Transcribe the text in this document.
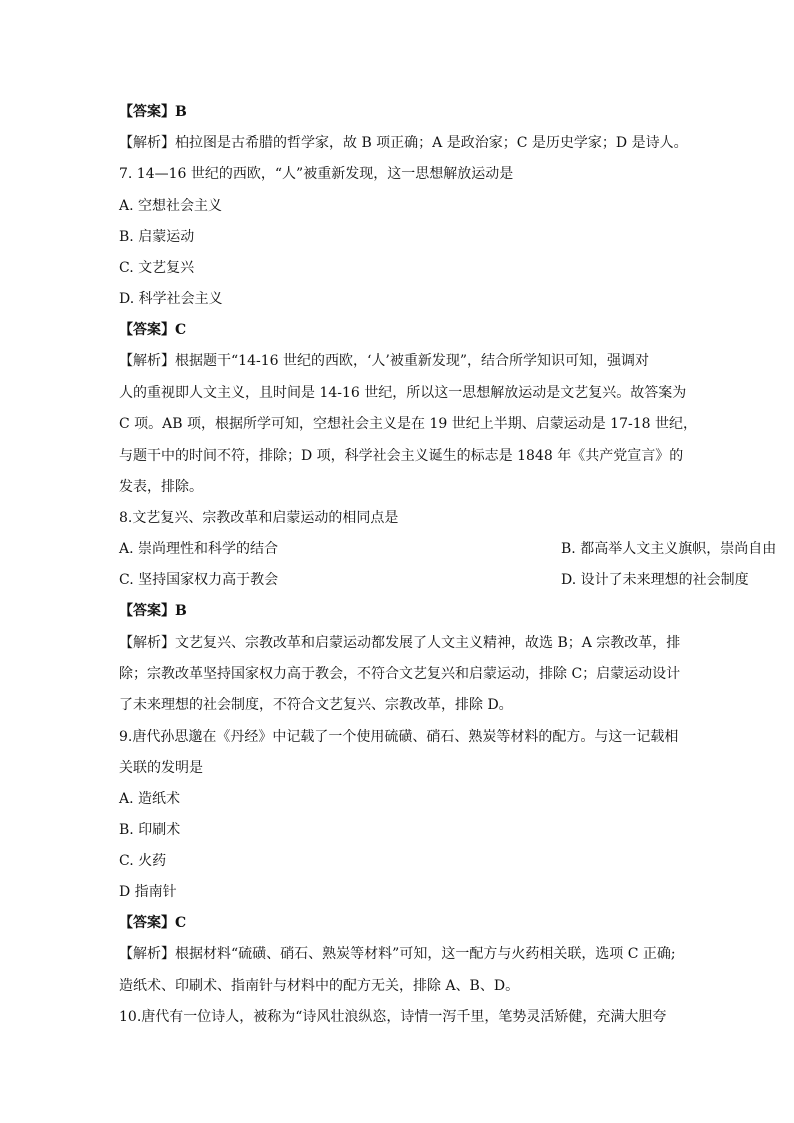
【答案】B
【解析】柏拉图是古希腊的哲学家，故 B 项正确；A 是政治家；C 是历史学家；D 是诗人。
7. 14—16 世纪的西欧，“人”被重新发现，这一思想解放运动是
A. 空想社会主义
B. 启蒙运动
C. 文艺复兴
D. 科学社会主义
【答案】C
【解析】根据题干“14-16 世纪的西欧，‘人’被重新发现”，结合所学知识可知，强调对
人的重视即人文主义，且时间是 14-16 世纪，所以这一思想解放运动是文艺复兴。故答案为
C 项。AB 项，根据所学可知，空想社会主义是在 19 世纪上半期、启蒙运动是 17-18 世纪，
与题干中的时间不符，排除；D 项，科学社会主义诞生的标志是 1848 年《共产党宣言》的
发表，排除。
8.文艺复兴、宗教改革和启蒙运动的相同点是
A. 崇尚理性和科学的结合	B. 都高举人文主义旗帜，崇尚自由
C. 坚持国家权力高于教会	D. 设计了未来理想的社会制度
【答案】B
【解析】文艺复兴、宗教改革和启蒙运动都发展了人文主义精神，故选 B；A 宗教改革，排
除；宗教改革坚持国家权力高于教会，不符合文艺复兴和启蒙运动，排除 C；启蒙运动设计
了未来理想的社会制度，不符合文艺复兴、宗教改革，排除 D。
9.唐代孙思邈在《丹经》中记载了一个使用硫磺、硝石、熟炭等材料的配方。与这一记载相
关联的发明是
A. 造纸术
B. 印刷术
C. 火药
D 指南针
【答案】C
【解析】根据材料“硫磺、硝石、熟炭等材料”可知，这一配方与火药相关联，选项 C 正确;
造纸术、印刷术、指南针与材料中的配方无关，排除 A、B、D。
10.唐代有一位诗人，被称为“诗风壮浪纵恣，诗情一泻千里，笔势灵活矫健，充满大胆夸
